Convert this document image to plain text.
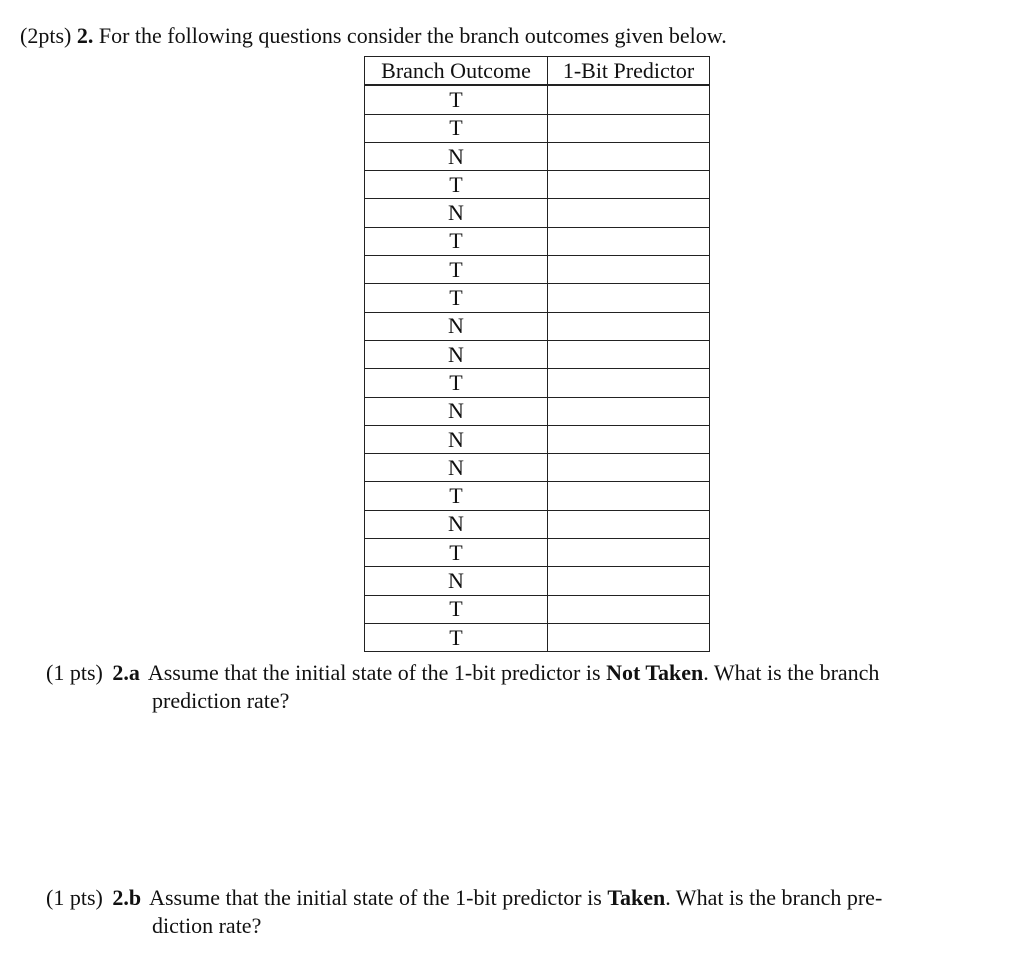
(2pts) 2. For the following questions consider the branch outcomes given below.
Branch Outcome	1-Bit Predictor
T	
T	
N	
T	
N	
T	
T	
T	
N	
N	
T	
N	
N	
N	
T	
N	
T	
N	
T	
T	
(1 pts) 2.a Assume that the initial state of the 1-bit predictor is Not Taken. What is the branch
prediction rate?
(1 pts) 2.b Assume that the initial state of the 1-bit predictor is Taken. What is the branch pre-
diction rate?
